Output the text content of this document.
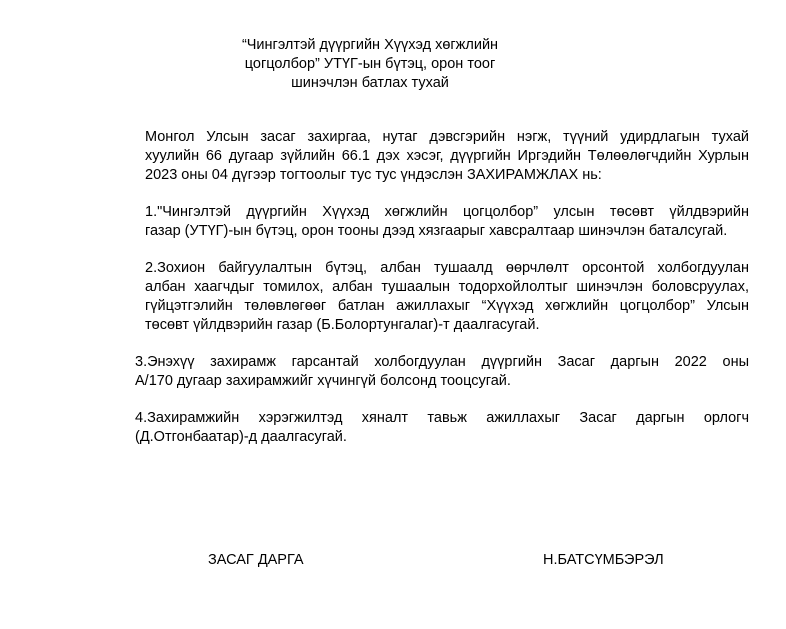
“Чингэлтэй дүүргийн Хүүхэд хөгжлийн
цогцолбор” УТҮГ-ын бүтэц, орон тоог
шинэчлэн батлах тухай
Монгол Улсын засаг захиргаа, нутаг дэвсгэрийн нэгж, түүний удирдлагын тухай
хуулийн 66 дугаар зүйлийн 66.1 дэх хэсэг, дүүргийн Иргэдийн Төлөөлөгчдийн Хурлын
2023 оны 04 дүгээр тогтоолыг тус тус үндэслэн ЗАХИРАМЖЛАХ нь:
1."Чингэлтэй дүүргийн Хүүхэд хөгжлийн цогцолбор” улсын төсөвт үйлдвэрийн
газар (УТҮГ)-ын бүтэц, орон тооны дээд хязгаарыг хавсралтаар шинэчлэн баталсугай.
2.Зохион байгуулалтын бүтэц, албан тушаалд өөрчлөлт орсонтой холбогдуулан
албан хаагчдыг томилох, албан тушаалын тодорхойлолтыг шинэчлэн боловсруулах,
гүйцэтгэлийн төлөвлөгөөг батлан ажиллахыг “Хүүхэд хөгжлийн цогцолбор” Улсын
төсөвт үйлдвэрийн газар (Б.Болортунгалаг)-т даалгасугай.
3.Энэхүү захирамж гарсантай холбогдуулан дүүргийн Засаг даргын 2022 оны
А/170 дугаар захирамжийг хүчингүй болсонд тооцсугай.
4.Захирамжийн хэрэгжилтэд хяналт тавьж ажиллахыг Засаг даргын орлогч
(Д.Отгонбаатар)-д даалгасугай.
ЗАСАГ ДАРГА	Н.БАТСҮМБЭРЭЛ
